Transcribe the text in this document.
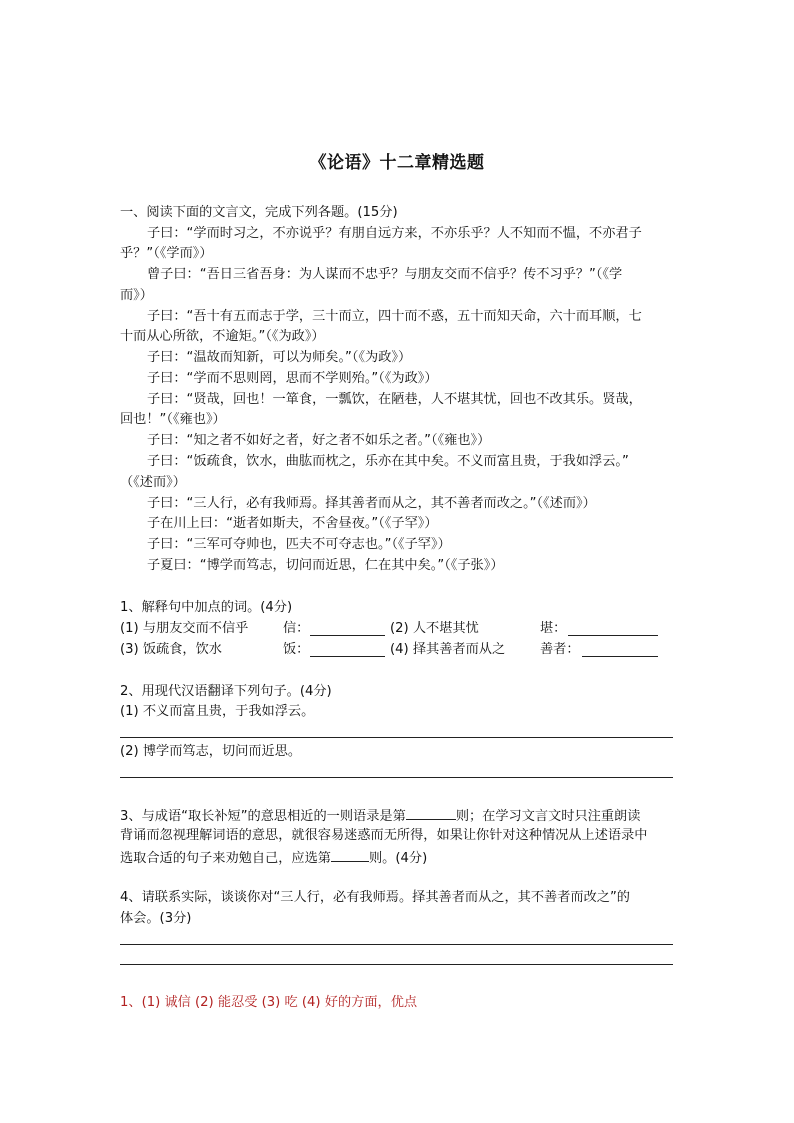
《论语》十二章精选题
一、阅读下面的文言文，完成下列各题。(15分)
子曰：“学而时习之，不亦说乎？有朋自远方来，不亦乐乎？人不知而不愠，不亦君子
乎？”（《学而》）
曾子曰：“吾日三省吾身：为人谋而不忠乎？与朋友交而不信乎？传不习乎？”（《学
而》）
子曰：“吾十有五而志于学，三十而立，四十而不惑，五十而知天命，六十而耳顺，七
十而从心所欲，不逾矩。”（《为政》）
子曰：“温故而知新，可以为师矣。”（《为政》）
子曰：“学而不思则罔，思而不学则殆。”（《为政》）
子曰：“贤哉，回也！一箪食，一瓢饮，在陋巷，人不堪其忧，回也不改其乐。贤哉，
回也！”（《雍也》）
子曰：“知之者不如好之者，好之者不如乐之者。”（《雍也》）
子曰：“饭疏食，饮水，曲肱而枕之，乐亦在其中矣。不义而富且贵，于我如浮云。”
（《述而》）
子曰：“三人行，必有我师焉。择其善者而从之，其不善者而改之。”（《述而》）
子在川上曰：“逝者如斯夫，不舍昼夜。”（《子罕》）
子曰：“三军可夺帅也，匹夫不可夺志也。”（《子罕》）
子夏曰：“博学而笃志，切问而近思，仁在其中矣。”（《子张》）
1、解释句中加点的词。(4分)
(1) 与朋友交而不信乎	信：	(2) 人不堪其忧	堪：
(3) 饭疏食，饮水	饭：	(4) 择其善者而从之	善者：
2、用现代汉语翻译下列句子。(4分)
(1) 不义而富且贵，于我如浮云。
(2) 博学而笃志，切问而近思。
3、与成语“取长补短”的意思相近的一则语录是第	则；在学习文言文时只注重朗读
背诵而忽视理解词语的意思，就很容易迷惑而无所得，如果让你针对这种情况从上述语录中
选取合适的句子来劝勉自己，应选第	则。(4分)
4、请联系实际，谈谈你对“三人行，必有我师焉。择其善者而从之，其不善者而改之”的
体会。(3分)
1、(1) 诚信 (2) 能忍受 (3) 吃 (4) 好的方面，优点
